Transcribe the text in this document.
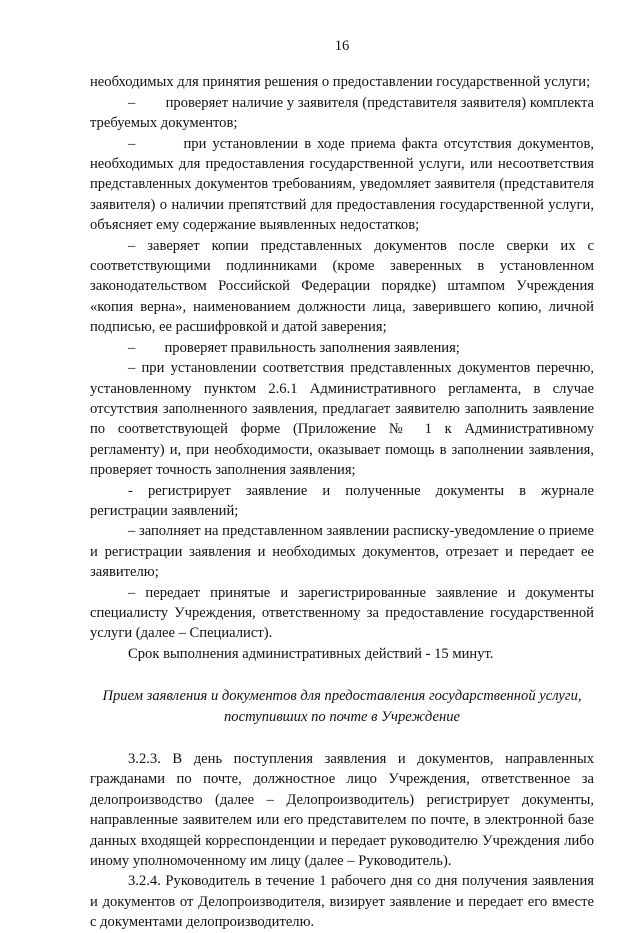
16

необходимых для принятия решения о предоставлении государственной услуги;

–        проверяет наличие у заявителя (представителя заявителя) комплекта требуемых документов;

–        при установлении в ходе приема факта отсутствия документов, необходимых для предоставления государственной услуги, или несоответствия представленных документов требованиям, уведомляет заявителя (представителя заявителя) о наличии препятствий для предоставления государственной услуги, объясняет ему содержание выявленных недостатков;

– заверяет копии представленных документов после сверки их с соответствующими подлинниками (кроме заверенных в установленном законодательством Российской Федерации порядке) штампом Учреждения «копия верна», наименованием должности лица, заверившего копию, личной подписью, ее расшифровкой и датой заверения;

–        проверяет правильность заполнения заявления;

– при установлении соответствия представленных документов перечню, установленному пунктом 2.6.1 Административного регламента, в случае отсутствия заполненного заявления, предлагает заявителю заполнить заявление по соответствующей форме (Приложение № 1 к Административному регламенту) и, при необходимости, оказывает помощь в заполнении заявления, проверяет точность заполнения заявления;

- регистрирует заявление и полученные документы в журнале регистрации заявлений;

– заполняет на представленном заявлении расписку-уведомление о приеме и регистрации заявления и необходимых документов, отрезает и передает ее заявителю;

– передает принятые и зарегистрированные заявление и документы специалисту Учреждения, ответственному за предоставление государственной услуги (далее – Специалист).

Срок выполнения административных действий - 15 минут.

Прием заявления и документов для предоставления государственной услуги, поступивших по почте в Учреждение

3.2.3. В день поступления заявления и документов, направленных гражданами по почте, должностное лицо Учреждения, ответственное за делопроизводство (далее – Делопроизводитель) регистрирует документы, направленные заявителем или его представителем по почте, в электронной базе данных входящей корреспонденции и передает руководителю Учреждения либо иному уполномоченному им лицу (далее – Руководитель).

3.2.4. Руководитель в течение 1 рабочего дня со дня получения заявления и документов от Делопроизводителя, визирует заявление и передает его вместе с документами делопроизводителю.
